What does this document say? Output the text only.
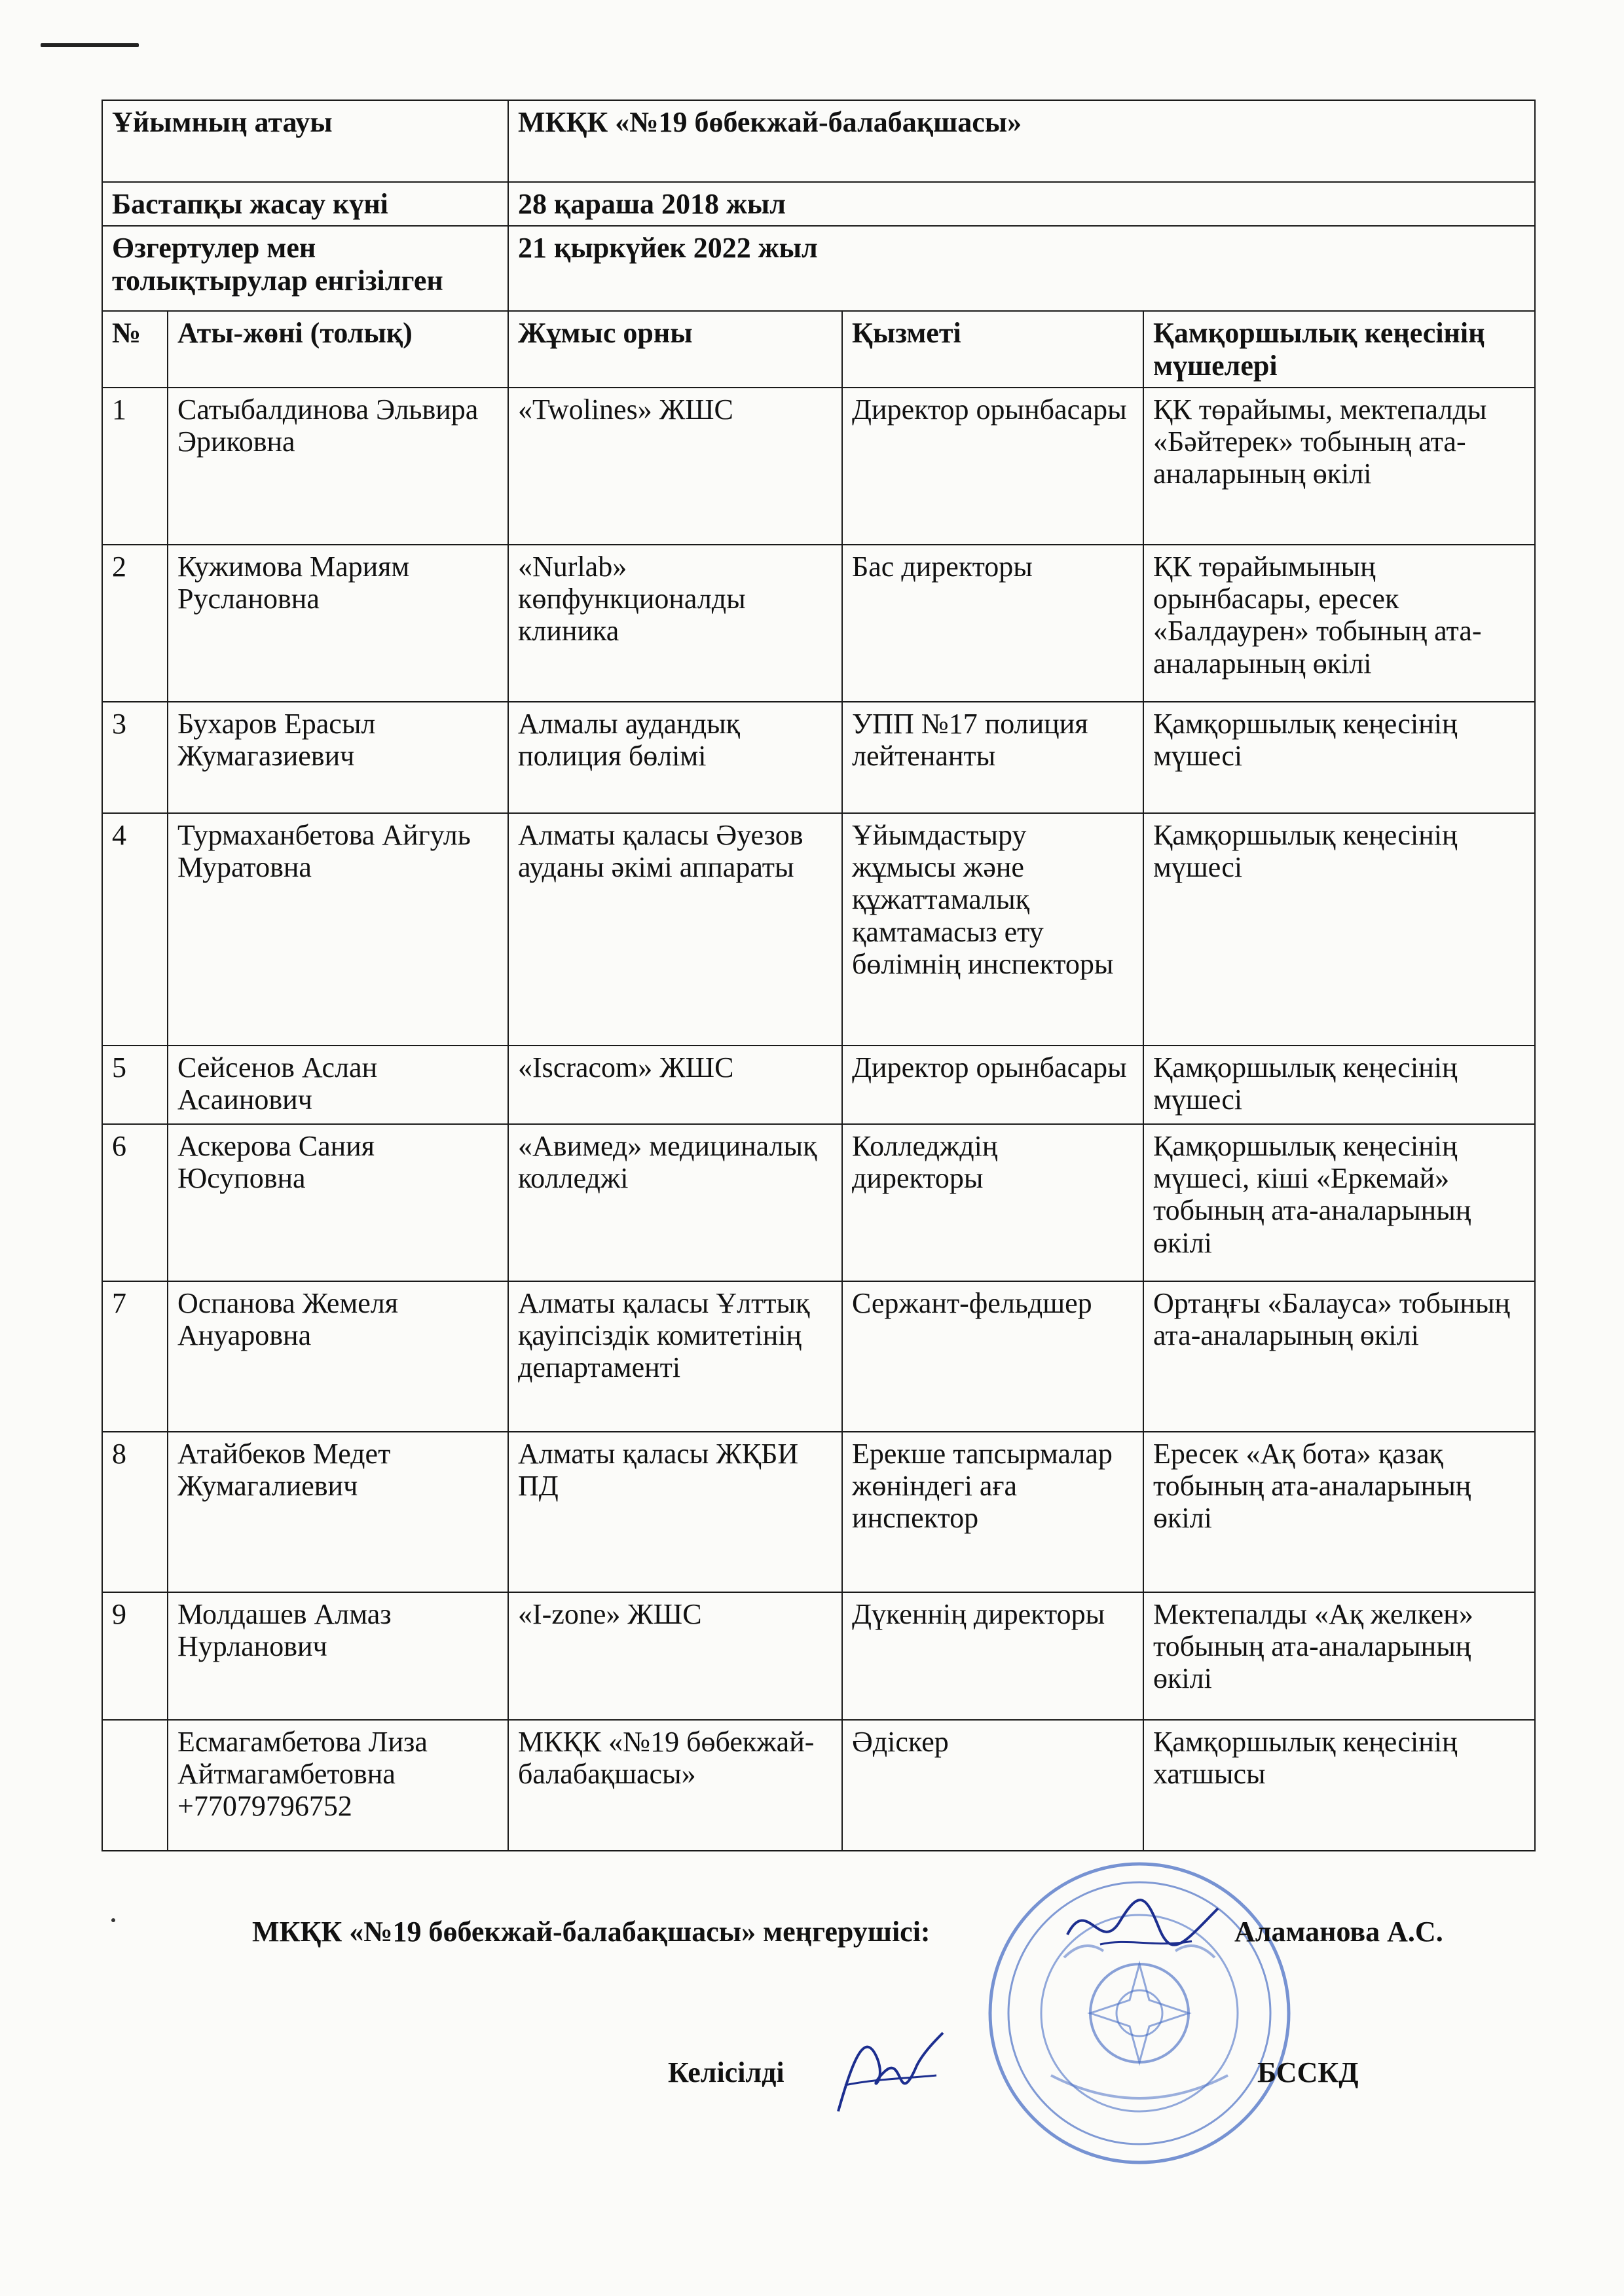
Ұйымның атауы		МКҚК «№19 бөбекжай-балабақшасы»		
Бастапқы жасау күні		28 қараша 2018 жыл		
Өзгертулер мен толықтырулар енгізілген		21 қыркүйек 2022 жыл		
№	Аты-жөні (толық)	Жұмыс орны	Қызметі	Қамқоршылық кеңесінің мүшелері
1	Сатыбалдинова Эльвира Эриковна	«Twolines» ЖШС	Директор орынбасары	ҚК төрайымы, мектепалды «Бәйтерек» тобының ата-аналарының өкілі
2	Кужимова Мариям Руслановна	«Nurlab» көпфункционалды клиника	Бас директоры	ҚК төрайымының орынбасары, ересек «Балдаурен» тобының ата-аналарының өкілі
3	Бухаров Ерасыл Жумагазиевич	Алмалы аудандық полиция бөлімі	УПП №17 полиция лейтенанты	Қамқоршылық кеңесінің мүшесі
4	Турмаханбетова Айгуль Муратовна	Алматы қаласы Әуезов ауданы әкімі аппараты	Ұйымдастыру жұмысы және құжаттамалық қамтамасыз ету бөлімнің инспекторы	Қамқоршылық кеңесінің мүшесі
5	Сейсенов Аслан Асаинович	«Iscracom» ЖШС	Директор орынбасары	Қамқоршылық кеңесінің мүшесі
6	Аскерова Сания Юсуповна	«Авимед» медициналық колледжі	Колледждің директоры	Қамқоршылық кеңесінің мүшесі, кіші «Еркемай» тобының ата-аналарының өкілі
7	Оспанова Жемеля Ануаровна	Алматы қаласы Ұлттық қауіпсіздік комитетінің департаменті	Сержант-фельдшер	Ортаңғы «Балауса» тобының ата-аналарының өкілі
8	Атайбеков Медет Жумагалиевич	Алматы қаласы ЖҚБИ ПД	Ерекше тапсырмалар жөніндегі аға инспектор	Ересек «Ақ бота» қазақ тобының ата-аналарының өкілі
9	Молдашев Алмаз Нурланович	«I-zone» ЖШС	Дүкеннің директоры	Мектепалды «Ақ желкен» тобының ата-аналарының өкілі
	Есмагамбетова Лиза Айтмагамбетовна +77079796752	МКҚК «№19 бөбекжай-балабақшасы»	Әдіскер	Қамқоршылық кеңесінің хатшысы
МКҚК «№19 бөбекжай-балабақшасы» меңгерушісі:	Аламанова А.С.
Келісілді	БССКД
